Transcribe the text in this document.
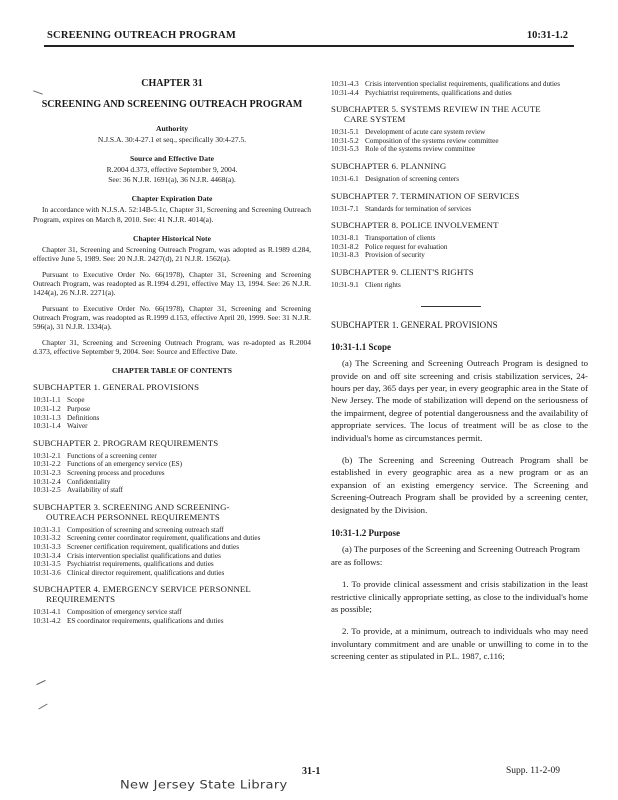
SCREENING OUTREACH PROGRAM	10:31-1.2

CHAPTER 31

SCREENING AND SCREENING OUTREACH PROGRAM

Authority

N.J.S.A. 30:4-27.1 et seq., specifically 30:4-27.5.

Source and Effective Date

R.2004 d.373, effective September 9, 2004.

See: 36 N.J.R. 1691(a), 36 N.J.R. 4468(a).

Chapter Expiration Date

In accordance with N.J.S.A. 52:14B-5.1c, Chapter 31, Screening and Screening Outreach Program, expires on March 8, 2010. See: 41 N.J.R. 4014(a).

Chapter Historical Note

Chapter 31, Screening and Screening Outreach Program, was adopted as R.1989 d.284, effective June 5, 1989. See: 20 N.J.R. 2427(d), 21 N.J.R. 1562(a).

Pursuant to Executive Order No. 66(1978), Chapter 31, Screening and Screening Outreach Program, was readopted as R.1994 d.291, effective May 13, 1994. See: 26 N.J.R. 1424(a), 26 N.J.R. 2271(a).

Pursuant to Executive Order No. 66(1978), Chapter 31, Screening and Screening Outreach Program, was readopted as R.1999 d.153, effective April 20, 1999. See: 31 N.J.R. 596(a), 31 N.J.R. 1334(a).

Chapter 31, Screening and Screening Outreach Program, was re-adopted as R.2004 d.373, effective September 9, 2004. See: Source and Effective Date.

CHAPTER TABLE OF CONTENTS
SUBCHAPTER 1. GENERAL PROVISIONS
10:31-1.1 Scope
10:31-1.2 Purpose
10:31-1.3 Definitions
10:31-1.4 Waiver
SUBCHAPTER 2. PROGRAM REQUIREMENTS
10:31-2.1 Functions of a screening center
10:31-2.2 Functions of an emergency service (ES)
10:31-2.3 Screening process and procedures
10:31-2.4 Confidentiality
10:31-2.5 Availability of staff
SUBCHAPTER 3. SCREENING AND SCREENING-
OUTREACH PERSONNEL REQUIREMENTS
10:31-3.1 Composition of screening and screening outreach staff
10:31-3.2 Screening center coordinator requirement, qualifications and duties
10:31-3.3 Screener certification requirement, qualifications and duties
10:31-3.4 Crisis intervention specialist qualifications and duties
10:31-3.5 Psychiatrist requirements, qualifications and duties
10:31-3.6 Clinical director requirement, qualifications and duties
SUBCHAPTER 4. EMERGENCY SERVICE PERSONNEL
REQUIREMENTS
10:31-4.1 Composition of emergency service staff
10:31-4.2 ES coordinator requirements, qualifications and duties
10:31-4.3 Crisis intervention specialist requirements, qualifications and duties
10:31-4.4 Psychiatrist requirements, qualifications and duties
SUBCHAPTER 5. SYSTEMS REVIEW IN THE ACUTE
CARE SYSTEM
10:31-5.1 Development of acute care system review
10:31-5.2 Composition of the systems review committee
10:31-5.3 Role of the systems review committee
SUBCHAPTER 6. PLANNING
10:31-6.1 Designation of screening centers
SUBCHAPTER 7. TERMINATION OF SERVICES
10:31-7.1 Standards for termination of services
SUBCHAPTER 8. POLICE INVOLVEMENT
10:31-8.1 Transportation of clients
10:31-8.2 Police request for evaluation
10:31-8.3 Provision of security
SUBCHAPTER 9. CLIENT'S RIGHTS
10:31-9.1 Client rights
SUBCHAPTER 1. GENERAL PROVISIONS
10:31-1.1 Scope

(a) The Screening and Screening Outreach Program is designed to provide on and off site screening and crisis stabilization services, 24-hours per day, 365 days per year, in every geographic area in the State of New Jersey. The mode of stabilization will depend on the seriousness of the impairment, degree of potential dangerousness and the availability of appropriate services. The locus of treatment will be as close to the individual's home as circumstances permit.

(b) The Screening and Screening Outreach Program shall be established in every geographic area as a new program or as an expansion of an existing emergency service. The Screening and Screening-Outreach Program shall be provided by a screening center, designated by the Division.

10:31-1.2 Purpose

(a) The purposes of the Screening and Screening Outreach Program are as follows:

1. To provide clinical assessment and crisis stabilization in the least restrictive clinically appropriate setting, as close to the individual's home as possible;

2. To provide, at a minimum, outreach to individuals who may need involuntary commitment and are unable or unwilling to come in to the screening center as stipulated in P.L. 1987, c.116;

31-1	Supp. 11-2-09
New Jersey State Library
